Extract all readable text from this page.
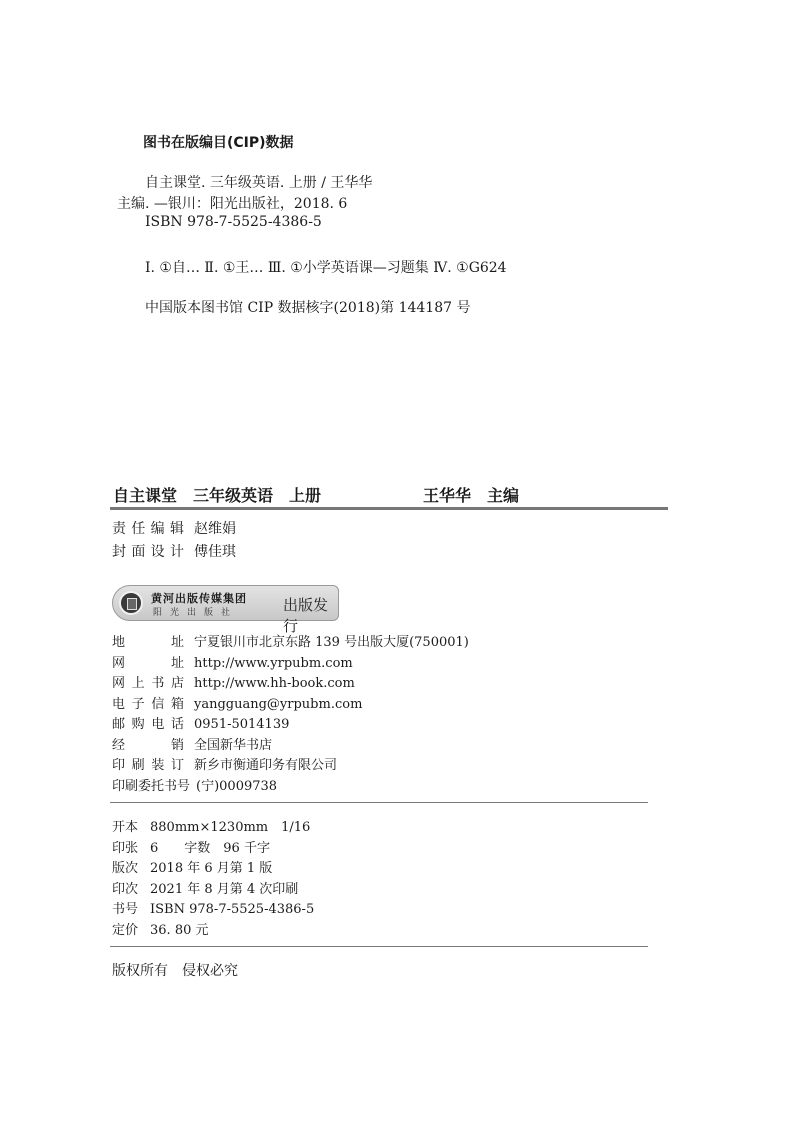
图书在版编目(CIP)数据
自主课堂. 三年级英语. 上册 / 王华华
主编. —银川：阳光出版社，2018. 6
ISBN 978-7-5525-4386-5
Ⅰ. ①自… Ⅱ. ①王… Ⅲ. ①小学英语课—习题集 Ⅳ. ①G624
中国版本图书馆 CIP 数据核字(2018)第 144187 号
自主课堂　三年级英语　上册	王华华　主编
责任编辑 赵维娟
封面设计 傅佳琪
黄河出版传媒集团
阳光出版社	出版发行
地　址 宁夏银川市北京东路 139 号出版大厦(750001)
网　址 http://www.yrpubm.com
网上书店 http://www.hh-book.com
电子信箱 yangguang@yrpubm.com
邮购电话 0951-5014139
经　销 全国新华书店
印刷装订 新乡市衡通印务有限公司
印刷委托书号 (宁)0009738
开本 880mm×1230mm　1/16
印张 6　　字数　96 千字
版次 2018 年 6 月第 1 版
印次 2021 年 8 月第 4 次印刷
书号 ISBN 978-7-5525-4386-5
定价 36. 80 元
版权所有　侵权必究
